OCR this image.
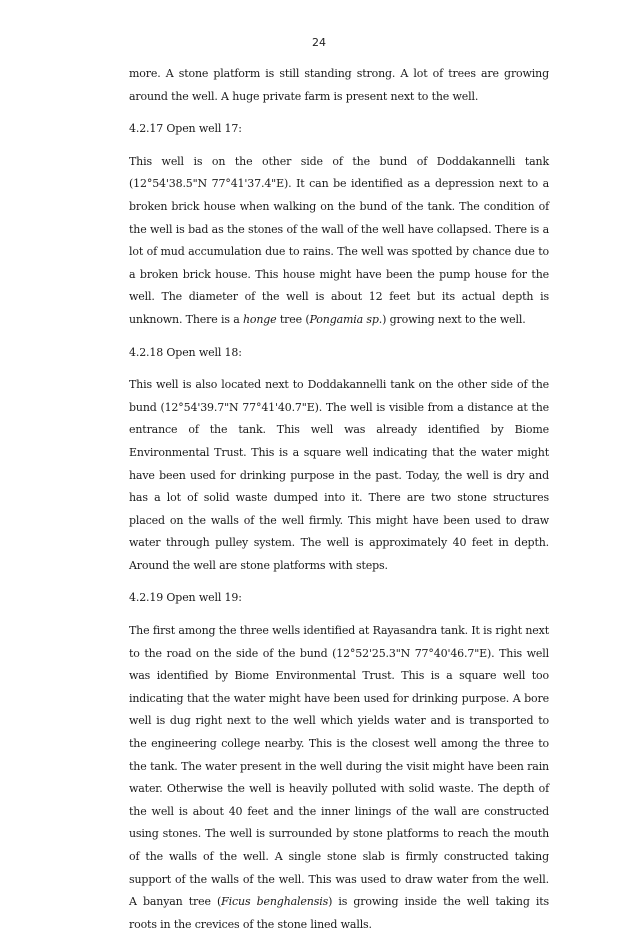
24

more. A stone platform is still standing strong. A lot of trees are growing around the well. A huge private farm is present next to the well.

4.2.17 Open well 17:

This well is on the other side of the bund of Doddakannelli tank (12°54'38.5"N 77°41'37.4"E). It can be identified as a depression next to a broken brick house when walking on the bund of the tank. The condition of the well is bad as the stones of the wall of the well have collapsed. There is a lot of mud accumulation due to rains. The well was spotted by chance due to a broken brick house. This house might have been the pump house for the well. The diameter of the well is about 12 feet but its actual depth is unknown. There is a honge tree (Pongamia sp.) growing next to the well.

4.2.18 Open well 18:

This well is also located next to Doddakannelli tank on the other side of the bund (12°54'39.7"N 77°41'40.7"E). The well is visible from a distance at the entrance of the tank. This well was already identified by Biome Environmental Trust. This is a square well indicating that the water might have been used for drinking purpose in the past. Today, the well is dry and has a lot of solid waste dumped into it. There are two stone structures placed on the walls of the well firmly. This might have been used to draw water through pulley system. The well is approximately 40 feet in depth. Around the well are stone platforms with steps.

4.2.19 Open well 19:

The first among the three wells identified at Rayasandra tank. It is right next to the road on the side of the bund (12°52'25.3"N 77°40'46.7"E). This well was identified by Biome Environmental Trust. This is a square well too indicating that the water might have been used for drinking purpose. A bore well is dug right next to the well which yields water and is transported to the engineering college nearby. This is the closest well among the three to the tank. The water present in the well during the visit might have been rain water. Otherwise the well is heavily polluted with solid waste. The depth of the well is about 40 feet and the inner linings of the wall are constructed using stones. The well is surrounded by stone platforms to reach the mouth of the walls of the well. A single stone slab is firmly constructed taking support of the walls of the well. This was used to draw water from the well. A banyan tree (Ficus benghalensis) is growing inside the well taking its roots in the crevices of the stone lined walls.
